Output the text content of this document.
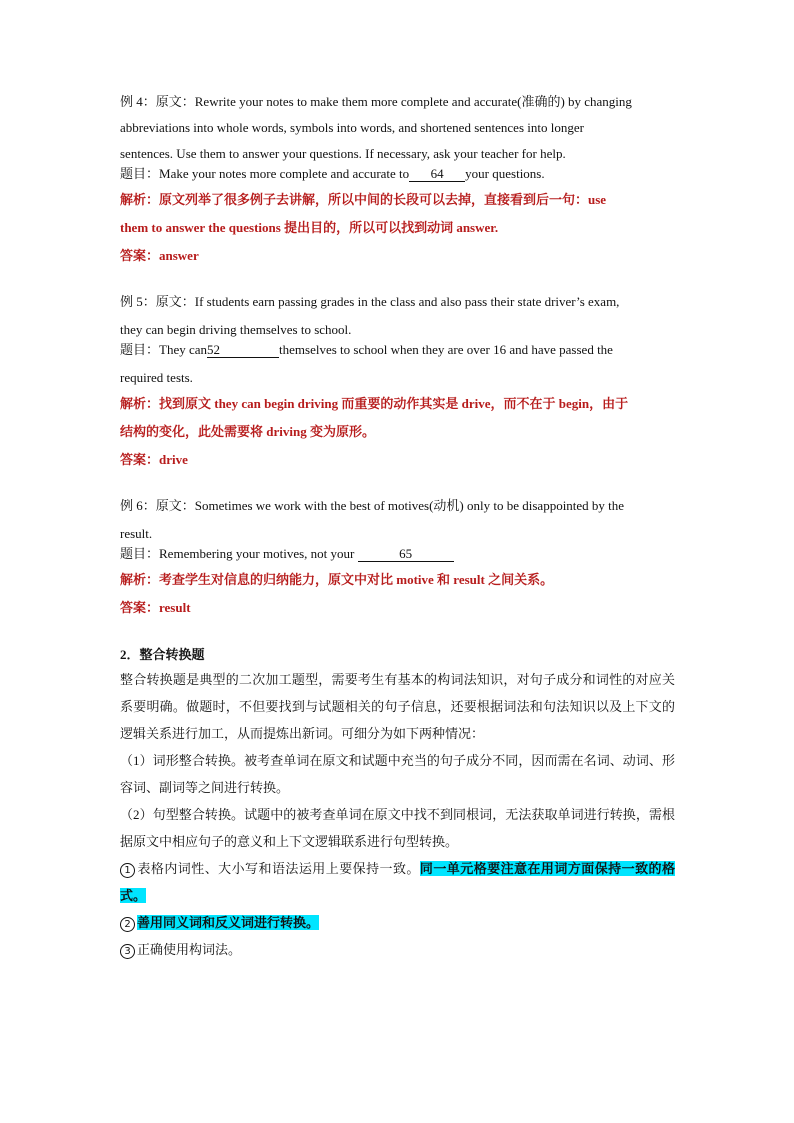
例 4：原文：Rewrite your notes to make them more complete and accurate(准确的) by changing

abbreviations into whole words, symbols into words, and shortened sentences into longer

sentences. Use them to answer your questions. If necessary, ask your teacher for help.

题目：Make your notes more complete and accurate to 64 your questions.

解析：原文列举了很多例子去讲解，所以中间的长段可以去掉，直接看到后一句：use

them to answer the questions 提出目的，所以可以找到动词 answer.

答案：answer

例 5：原文：If students earn passing grades in the class and also pass their state driver’s exam,

they can begin driving themselves to school.

题目：They can52	themselves to school when they are over 16 and have passed the

required tests.

解析：找到原文 they can begin driving 而重要的动作其实是 drive，而不在于 begin，由于

结构的变化，此处需要将 driving 变为原形。

答案：drive

例 6：原文：Sometimes we work with the best of motives(动机) only to be disappointed by the

result.

题目：Remembering your motives, not your	65

解析：考查学生对信息的归纳能力，原文中对比 motive 和 result 之间关系。

答案：result

2．整合转换题

整合转换题是典型的二次加工题型，需要考生有基本的构词法知识，对句子成分和词性的对应关系要明确。做题时，不但要找到与试题相关的句子信息，还要根据词法和句法知识以及上下文的逻辑关系进行加工，从而提炼出新词。可细分为如下两种情况：

（1）词形整合转换。被考查单词在原文和试题中充当的句子成分不同，因而需在名词、动词、形容词、副词等之间进行转换。

（2）句型整合转换。试题中的被考查单词在原文中找不到同根词，无法获取单词进行转换，需根据原文中相应句子的意义和上下文逻辑联系进行句型转换。

1 表格内词性、大小写和语法运用上要保持一致。同一单元格要注意在用词方面保持一致的格式。

2 善用同义词和反义词进行转换。

3 正确使用构词法。
